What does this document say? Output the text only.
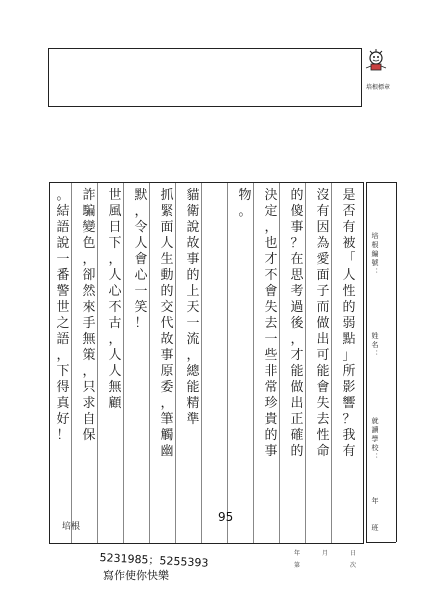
培根標章
是
否
有
被
「
人
性
的
弱
點
」
所
影
響
？
我
有
沒
有
因
為
愛
面
子
而
做
出
可
能
會
失
去
性
命
的
傻
事
？
在
思
考
過
後
，
才
能
做
出
正
確
的
決
定
，
也
才
不
會
失
去
一
些
非
常
珍
貴
的
事
物
。
貓
衛
說
故
事
的
上
天
一
流
，
總
能
精
準
抓
緊
面
人
生
動
的
交
代
故
事
原
委
，
筆
觸
幽
默
，
令
人
會
心
一
笑
！
世
風
日
下
，
人
心
不
古
，
人
人
無
顧
詐
騙
變
色
，
卻
然
來
手
無
策
，
只
求
自
保
。
結
語
說
一
番
警
世
之
語
，
下
得
真
好
！
培根編號：
姓名：
就讀學校：
年　　班
年	月	日
第	次
培根
95
5231985；5255393
寫作使你快樂
